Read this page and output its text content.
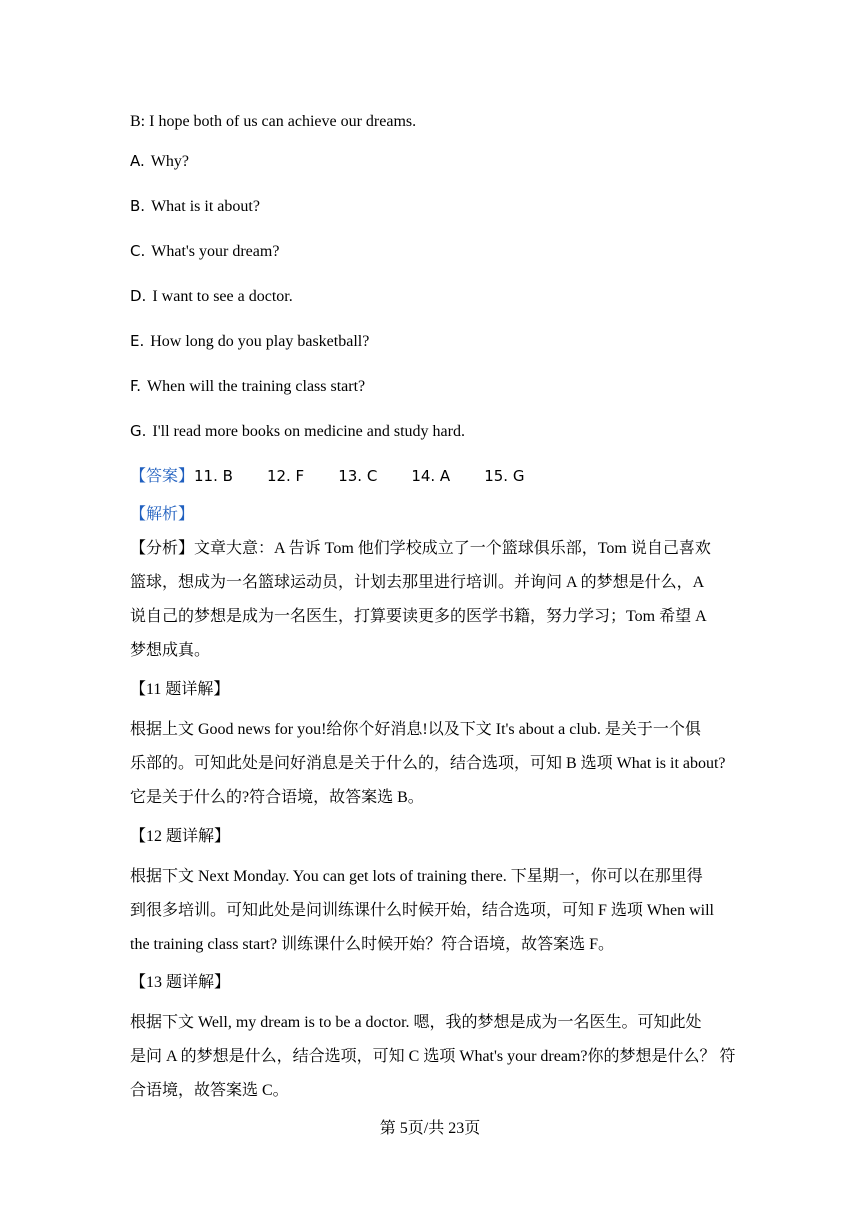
B: I hope both of us can achieve our dreams.
A. Why?
B. What is it about?
C. What's your dream?
D. I want to see a doctor.
E. How long do you play basketball?
F. When will the training class start?
G. I'll read more books on medicine and study hard.
【答案】11. B 12. F 13. C 14. A 15. G
【解析】
【分析】文章大意：A 告诉 Tom 他们学校成立了一个篮球俱乐部，Tom 说自己喜欢
篮球，想成为一名篮球运动员，计划去那里进行培训。并询问 A 的梦想是什么，A
说自己的梦想是成为一名医生，打算要读更多的医学书籍，努力学习；Tom 希望 A
梦想成真。
【11 题详解】
根据上文 Good news for you!给你个好消息!以及下文 It's about a club. 是关于一个俱
乐部的。可知此处是问好消息是关于什么的，结合选项，可知 B 选项 What is it about?
它是关于什么的?符合语境，故答案选 B。
【12 题详解】
根据下文 Next Monday. You can get lots of training there. 下星期一，你可以在那里得
到很多培训。可知此处是问训练课什么时候开始，结合选项，可知 F 选项 When will
the training class start? 训练课什么时候开始？符合语境，故答案选 F。
【13 题详解】
根据下文 Well, my dream is to be a doctor. 嗯，我的梦想是成为一名医生。可知此处
是问 A 的梦想是什么，结合选项，可知 C 选项 What's your dream?你的梦想是什么？ 符
合语境，故答案选 C。
第 5页/共 23页
